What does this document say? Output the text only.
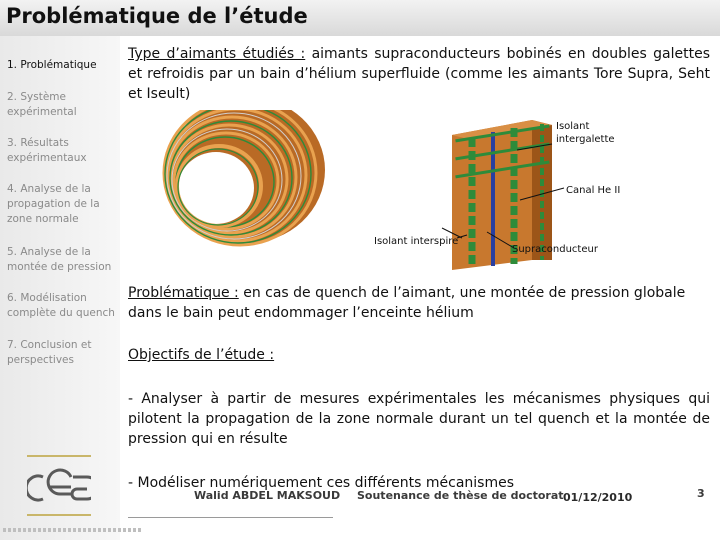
Problématique de l’étude
1. Problématique
2. Système expérimental
3. Résultats expérimentaux
4. Analyse de la propagation de la zone normale
5. Analyse de la montée de pression
6. Modélisation complète du quench
7. Conclusion et perspectives
Type d’aimants étudiés : aimants supraconducteurs bobinés en doubles galettes et refroidis par un bain d’hélium superfluide (comme les aimants Tore Supra, Seht et Iseult)
Isolant intergalette
Canal He II
Isolant interspire
Supraconducteur
Problématique : en cas de quench de l’aimant, une montée de pression globale dans le bain peut endommager l’enceinte hélium
Objectifs de l’étude :
- Analyser à partir de mesures expérimentales les mécanismes physiques qui pilotent la propagation de la zone normale durant un tel quench et la montée de pression qui en résulte
- Modéliser numériquement ces différents mécanismes
Walid ABDEL MAKSOUD Soutenance de thèse de doctorat 01/12/2010	3
